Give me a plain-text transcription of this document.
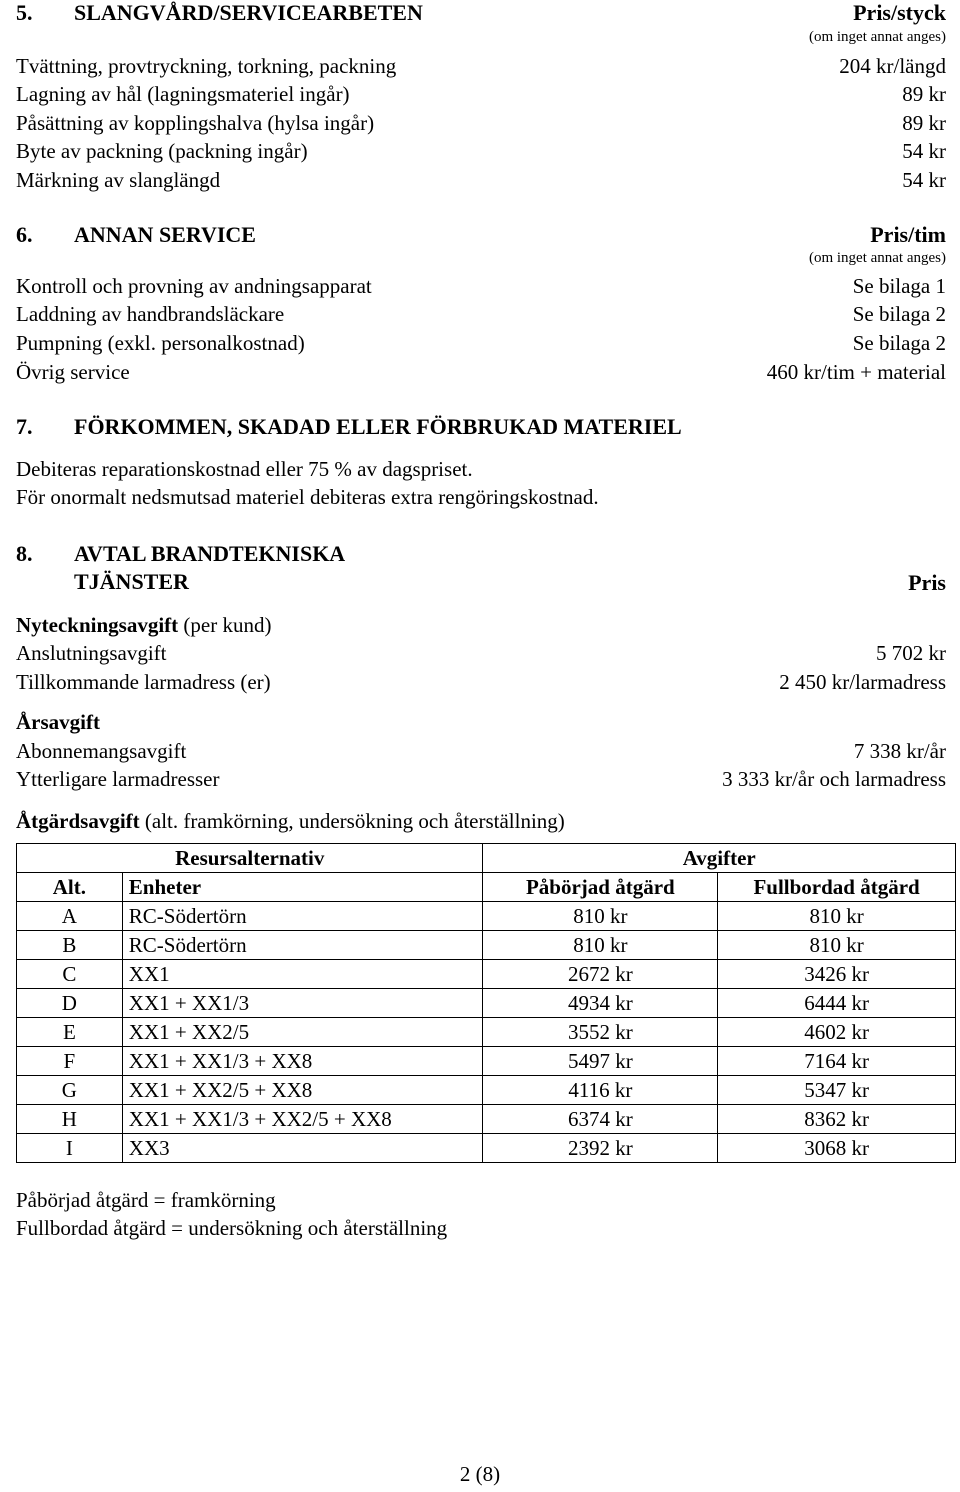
5. SLANGVÅRD/SERVICEARBETEN	Pris/styck
(om inget annat anges)
Tvättning, provtryckning, torkning, packning	204 kr/längd
Lagning av hål (lagningsmateriel ingår)	89 kr
Påsättning av kopplingshalva (hylsa ingår)	89 kr
Byte av packning (packning ingår)	54 kr
Märkning av slanglängd	54 kr
6. ANNAN SERVICE	Pris/tim
(om inget annat anges)
Kontroll och provning av andningsapparat	Se bilaga 1
Laddning av handbrandsläckare	Se bilaga 2
Pumpning (exkl. personalkostnad)	Se bilaga 2
Övrig service	460 kr/tim + material
7. FÖRKOMMEN, SKADAD ELLER FÖRBRUKAD MATERIEL
Debiteras reparationskostnad eller 75 % av dagspriset.
För onormalt nedsmutsad materiel debiteras extra rengöringskostnad.
8. AVTAL BRANDTEKNISKA
TJÄNSTER	Pris
Nyteckningsavgift (per kund)
Anslutningsavgift	5 702 kr
Tillkommande larmadress (er)	2 450 kr/larmadress
Årsavgift
Abonnemangsavgift	7 338 kr/år
Ytterligare larmadresser	3 333 kr/år och larmadress
Åtgärdsavgift (alt. framkörning, undersökning och återställning)
Resursalternativ		Avgifter	
Alt.	Enheter	Påbörjad åtgärd	Fullbordad åtgärd
A	RC-Södertörn	810 kr	810 kr
B	RC-Södertörn	810 kr	810 kr
C	XX1	2672 kr	3426 kr
D	XX1 + XX1/3	4934 kr	6444 kr
E	XX1 + XX2/5	3552 kr	4602 kr
F	XX1 + XX1/3 + XX8	5497 kr	7164 kr
G	XX1 + XX2/5 + XX8	4116 kr	5347 kr
H	XX1 + XX1/3 + XX2/5 + XX8	6374 kr	8362 kr
I	XX3	2392 kr	3068 kr
Påbörjad åtgärd = framkörning
Fullbordad åtgärd = undersökning och återställning
2 (8)
